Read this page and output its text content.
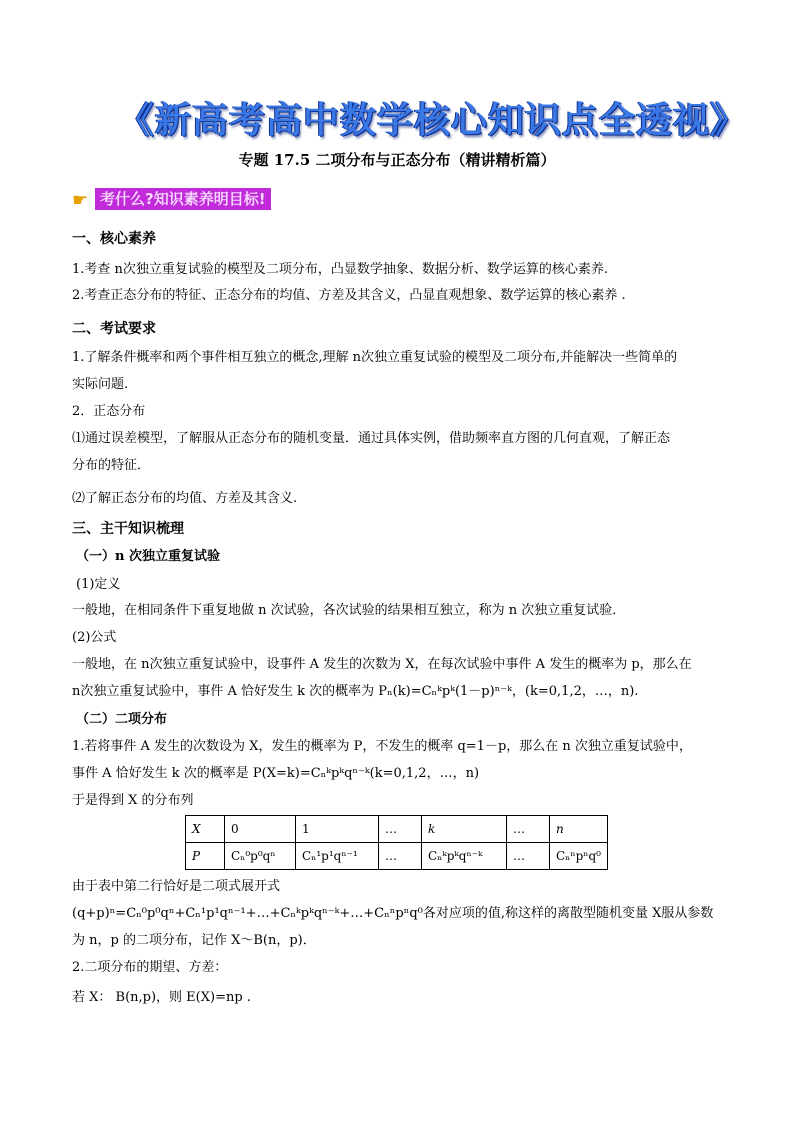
《新高考高中数学核心知识点全透视》
专题 17.5 二项分布与正态分布（精讲精析篇）
☛ 考什么?知识素养明目标!
一、核心素养
1.考查 n次独立重复试验的模型及二项分布，凸显数学抽象、数据分析、数学运算的核心素养.
2.考查正态分布的特征、正态分布的均值、方差及其含义，凸显直观想象、数学运算的核心素养 .
二、考试要求
1.了解条件概率和两个事件相互独立的概念,理解 n次独立重复试验的模型及二项分布,并能解决一些简单的
实际问题.
2．正态分布
⑴通过误差模型，了解服从正态分布的随机变量．通过具体实例，借助频率直方图的几何直观，了解正态
分布的特征．
⑵了解正态分布的均值、方差及其含义.
三、主干知识梳理
（一）n 次独立重复试验
(1)定义
一般地，在相同条件下重复地做 n 次试验，各次试验的结果相互独立，称为 n 次独立重复试验．
(2)公式
一般地，在 n次独立重复试验中，设事件 A 发生的次数为 X，在每次试验中事件 A 发生的概率为 p，那么在
n次独立重复试验中，事件 A 恰好发生 k 次的概率为 Pₙ(k)=Cₙᵏpᵏ(1－p)ⁿ⁻ᵏ，(k=0,1,2，…，n).
（二）二项分布
1.若将事件 A 发生的次数设为 X，发生的概率为 P，不发生的概率 q=1－p，那么在 n 次独立重复试验中，
事件 A 恰好发生 k 次的概率是 P(X=k)=Cₙᵏpᵏqⁿ⁻ᵏ(k=0,1,2，…，n)
于是得到 X 的分布列
X	0	1	…	k	…	n
P	Cₙ⁰p⁰qⁿ	Cₙ¹p¹qⁿ⁻¹	…	Cₙᵏpᵏqⁿ⁻ᵏ	…	Cₙⁿpⁿq⁰
由于表中第二行恰好是二项式展开式
(q+p)ⁿ=Cₙ⁰p⁰qⁿ+Cₙ¹p¹qⁿ⁻¹+…+Cₙᵏpᵏqⁿ⁻ᵏ+…+Cₙⁿpⁿq⁰各对应项的值,称这样的离散型随机变量 X服从参数
为 n，p 的二项分布，记作 X～B(n，p)．
2.二项分布的期望、方差：
若 X： B(n,p)，则 E(X)=np .
